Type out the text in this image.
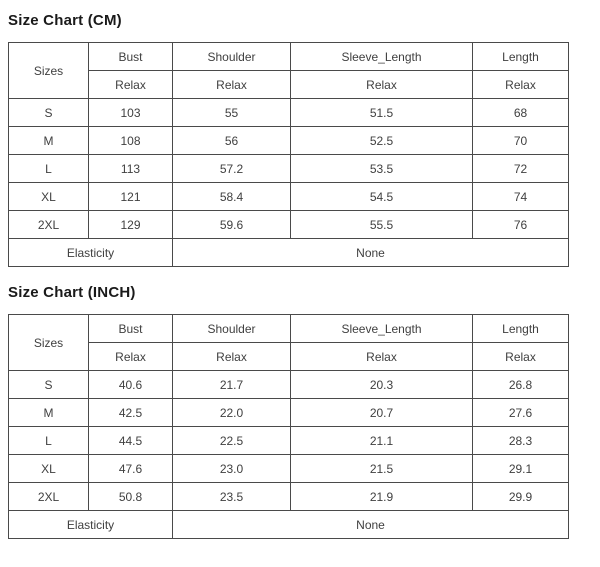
Size Chart (CM)
Sizes	Bust	Shoulder	Sleeve_Length	Length
	Relax	Relax	Relax	Relax
S	103	55	51.5	68
M	108	56	52.5	70
L	113	57.2	53.5	72
XL	121	58.4	54.5	74
2XL	129	59.6	55.5	76
Elasticity		None		
Size Chart (INCH)
Sizes	Bust	Shoulder	Sleeve_Length	Length
	Relax	Relax	Relax	Relax
S	40.6	21.7	20.3	26.8
M	42.5	22.0	20.7	27.6
L	44.5	22.5	21.1	28.3
XL	47.6	23.0	21.5	29.1
2XL	50.8	23.5	21.9	29.9
Elasticity		None		
